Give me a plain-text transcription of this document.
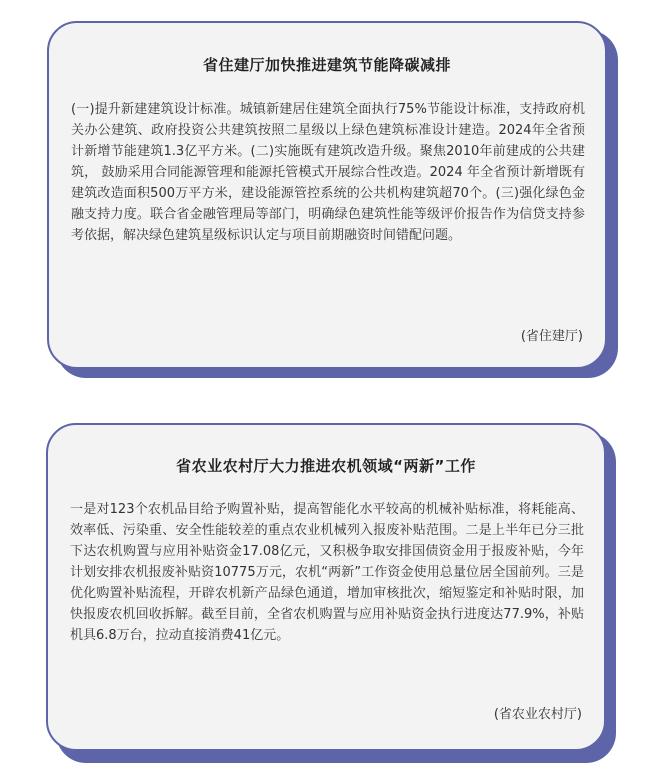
省住建厅加快推进建筑节能降碳减排
(一)提升新建建筑设计标准。城镇新建居住建筑全面执行75%节能设计标准，支持政府机关办公建筑、政府投资公共建筑按照二星级以上绿色建筑标准设计建造。2024年全省预计新增节能建筑1.3亿平方米。(二)实施既有建筑改造升级。聚焦2010年前建成的公共建筑， 鼓励采用合同能源管理和能源托管模式开展综合性改造。2024 年全省预计新增既有建筑改造面积500万平方米，建设能源管控系统的公共机构建筑超70个。(三)强化绿色金融支持力度。联合省金融管理局等部门，明确绿色建筑性能等级评价报告作为信贷支持参考依据，解决绿色建筑星级标识认定与项目前期融资时间错配问题。
(省住建厅)
省农业农村厅大力推进农机领域“两新”工作
一是对123个农机品目给予购置补贴，提高智能化水平较高的机械补贴标准，将耗能高、效率低、污染重、安全性能较差的重点农业机械列入报废补贴范围。二是上半年已分三批下达农机购置与应用补贴资金17.08亿元，又积极争取安排国债资金用于报废补贴，今年计划安排农机报废补贴资10775万元，农机“两新”工作资金使用总量位居全国前列。三是优化购置补贴流程，开辟农机新产品绿色通道，增加审核批次，缩短鉴定和补贴时限，加快报废农机回收拆解。截至目前，全省农机购置与应用补贴资金执行进度达77.9%，补贴机具6.8万台，拉动直接消费41亿元。
(省农业农村厅)
